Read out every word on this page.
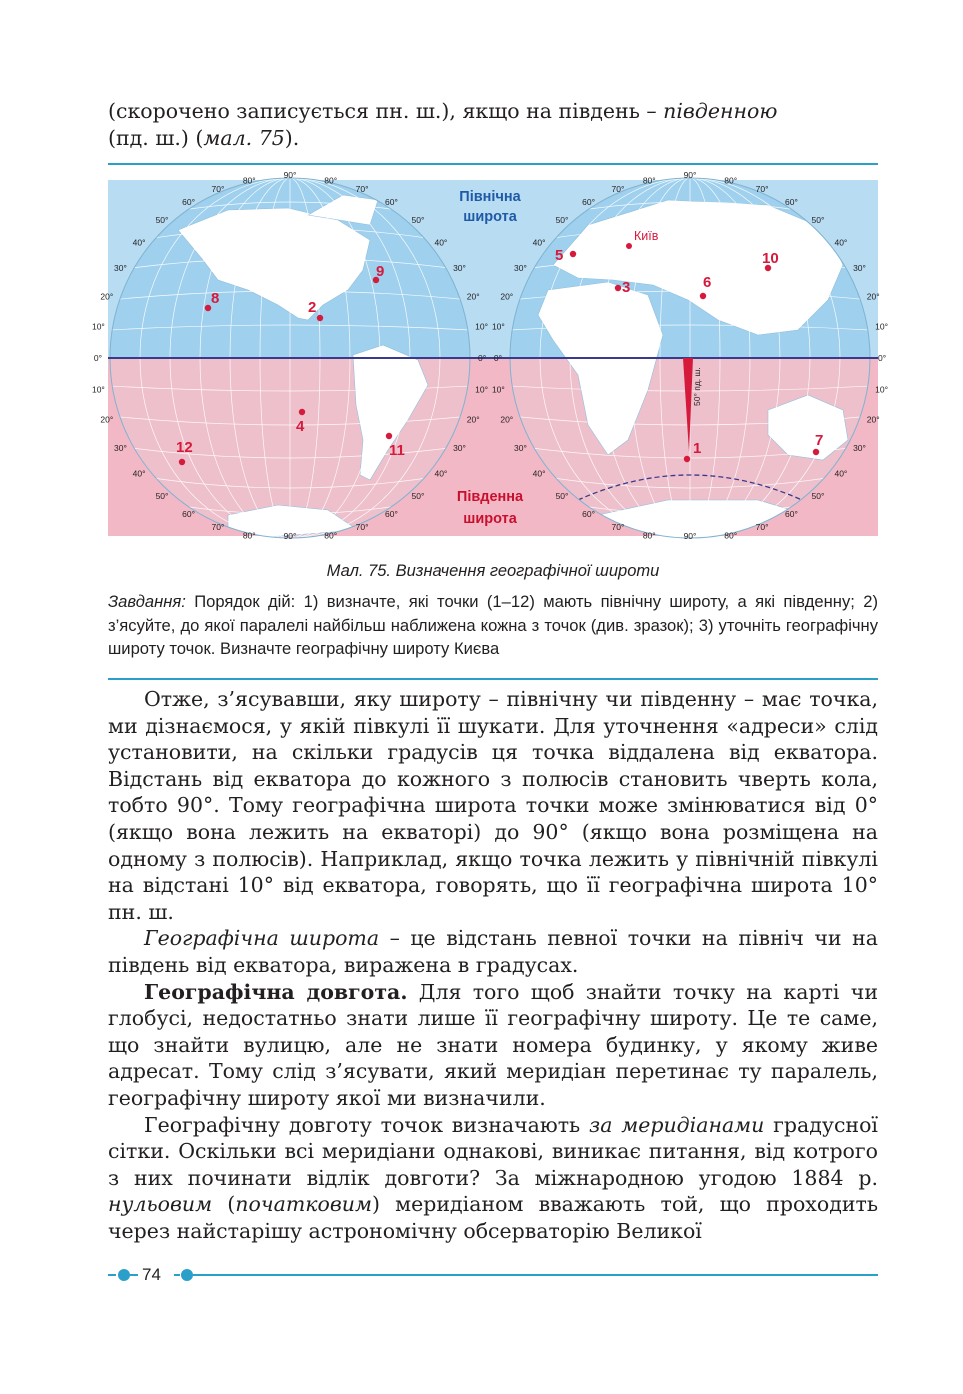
(скорочено записується пн. ш.), якщо на південь – південною
(пд. ш.) (мал. 75).
50° пд. ш.
Північна
широта
Південна
широта
8
2
9
4
12	11
5
3	6
10
1	7
Київ
0°	0°
10°	10°
20°	20°
30°	30°
40°	40°
50°	50°
60°	60°
70°	70°
80°	80°
90°
10°	10°
20°	20°
30°	30°
40°	40°
50°	50°
60°	60°
70°	70°
80°	80°
90°
0°	0°
10°	10°
20°	20°
30°	30°
40°	40°
50°	50°
60°	60°
70°	70°
80°	80°
90°
10°	10°
20°	20°
30°	30°
40°	40°
50°	50°
60°	60°
70°	70°
80°	80°
90°
Мал. 75. Визначення географічної широти
Завдання: Порядок дій: 1) визначте, які точки (1–12) мають північну широту, а які південну; 2) з’ясуйте, до якої паралелі найбільш наближена кожна з точок (див. зразок); 3) уточніть географічну широту точок. Визначте географічну широту Києва

Отже, з’ясувавши, яку широту – північну чи південну – має точка, ми дізнаємося, у якій півкулі її шукати. Для уточнення «адреси» слід установити, на скільки градусів ця точка віддалена від екватора. Відстань від екватора до кожного з полюсів становить чверть кола, тобто 90°. Тому географічна широта точки може змінюватися від 0° (якщо вона лежить на екваторі) до 90° (якщо вона розміщена на одному з полюсів). Наприклад, якщо точка лежить у північній півкулі на відстані 10° від екватора, говорять, що її географічна широта 10° пн. ш.

Географічна широта – це відстань певної точки на північ чи на південь від екватора, виражена в градусах.

Географічна довгота. Для того щоб знайти точку на карті чи глобусі, недостатньо знати лише її географічну широту. Це те саме, що знайти вулицю, але не знати номера будинку, у якому живе адресат. Тому слід з’ясувати, який меридіан перетинає ту паралель, географічну широту якої ми визначили.

Географічну довготу точок визначають за меридіанами градусної сітки. Оскільки всі меридіани однакові, виникає питання, від котрого з них починати відлік довготи? За міжнародною угодою 1884 р. нульовим (початковим) меридіаном вважають той, що проходить через найстарішу астрономічну обсерваторію Великої

74
